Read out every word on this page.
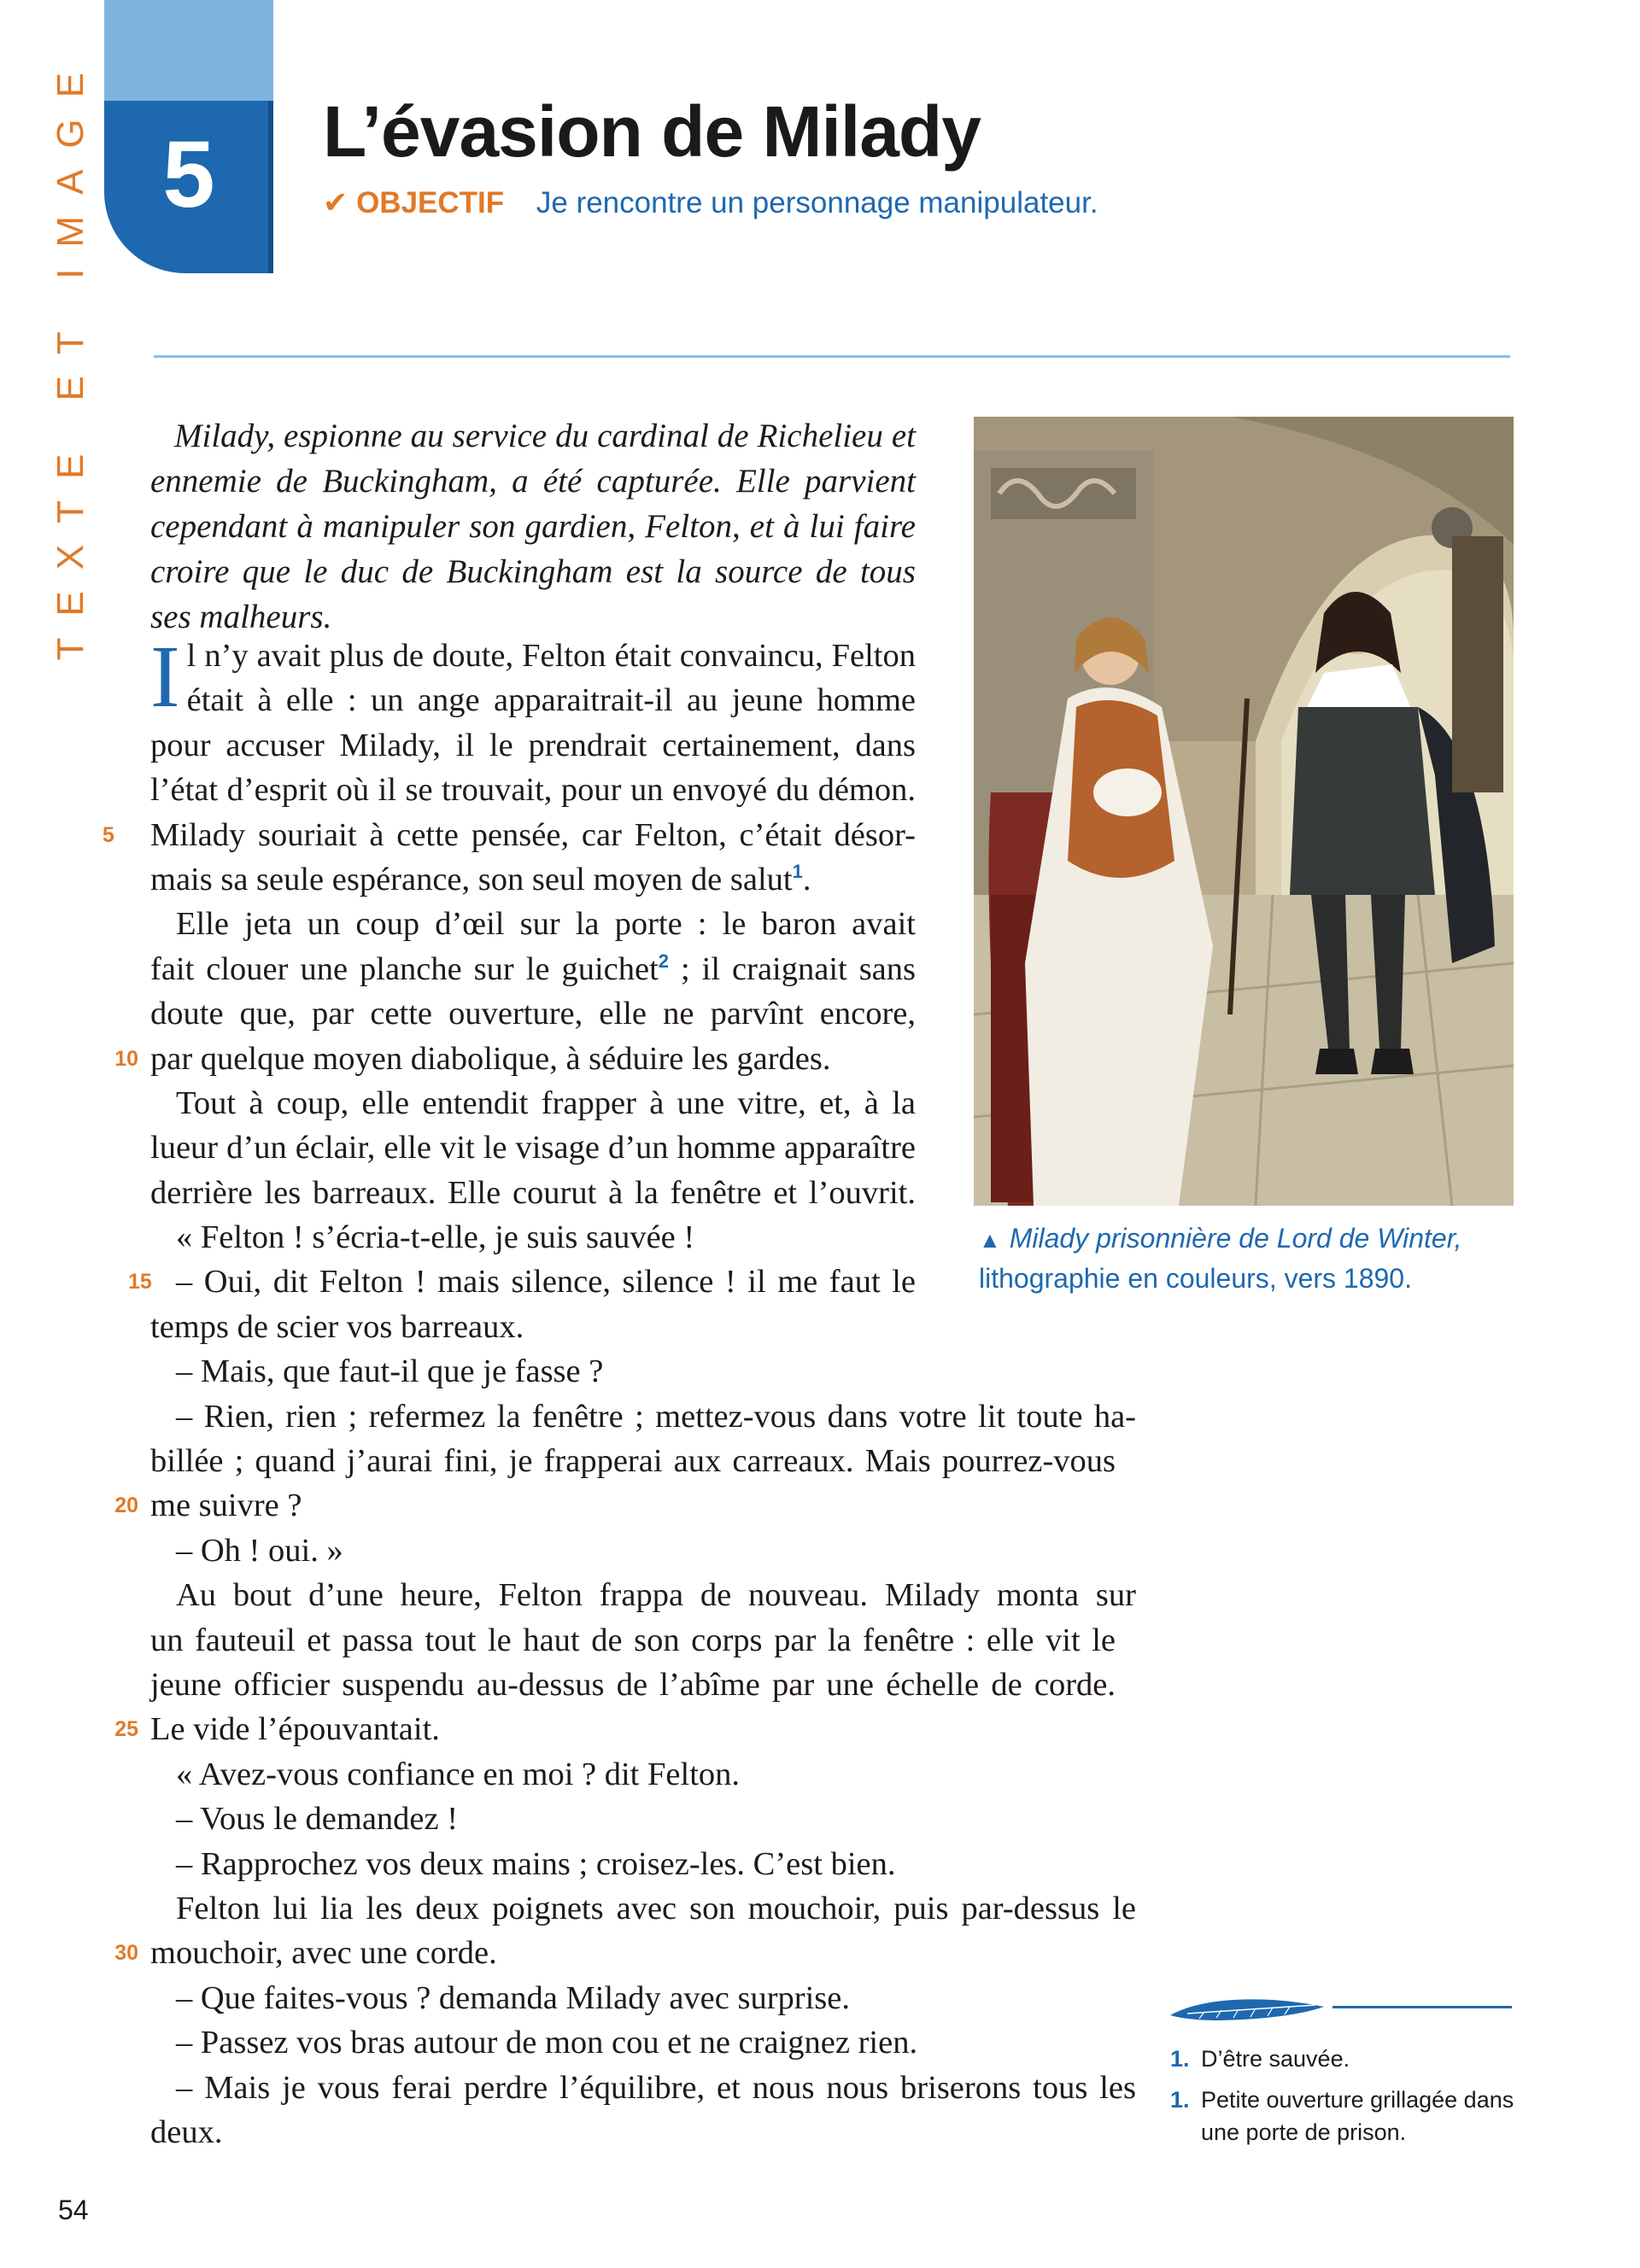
TEXTE ET IMAGE 5	L’évasion de Milady
✔ OBJECTIF Je rencontre un personnage manipulateur.

Milady, espionne au service du cardinal de Richelieu et ennemie de Buckingham, a été capturée. Elle parvient cependant à manipuler son gardien, Felton, et à lui faire croire que le duc de Buckingham est la source de tous ses malheurs.

Il n’y avait plus de doute, Felton était convaincu, Felton
était à elle : un ange apparaitrait-il au jeune homme
pour accuser Milady, il le prendrait certainement, dans
l’état d’esprit où il se trouvait, pour un envoyé du démon.
5	Milady souriait à cette pensée, car Felton, c’était désor-
mais sa seule espérance, son seul moyen de salut$^1$.
Elle jeta un coup d’œil sur la porte : le baron avait
fait clouer une planche sur le guichet$^2$ ; il craignait sans
doute que, par cette ouverture, elle ne parvînt encore,
10 par quelque moyen diabolique, à séduire les gardes.
Tout à coup, elle entendit frapper à une vitre, et, à la
lueur d’un éclair, elle vit le visage d’un homme apparaître
derrière les barreaux. Elle courut à la fenêtre et l’ouvrit.
« Felton ! s’écria-t-elle, je suis sauvée !
15 – Oui, dit Felton ! mais silence, silence ! il me faut le
temps de scier vos barreaux.
– Mais, que faut-il que je fasse ?
– Rien, rien ; refermez la fenêtre ; mettez-vous dans votre lit toute ha-
billée ; quand j’aurai fini, je frapperai aux carreaux. Mais pourrez-vous
20 me suivre ?
– Oh ! oui. »
Au bout d’une heure, Felton frappa de nouveau. Milady monta sur
un fauteuil et passa tout le haut de son corps par la fenêtre : elle vit le
jeune officier suspendu au-dessus de l’abîme par une échelle de corde.
25 Le vide l’épouvantait.
« Avez-vous confiance en moi ? dit Felton.
– Vous le demandez !
– Rapprochez vos deux mains ; croisez-les. C’est bien.
Felton lui lia les deux poignets avec son mouchoir, puis par-dessus le
30 mouchoir, avec une corde.
– Que faites-vous ? demanda Milady avec surprise.
– Passez vos bras autour de mon cou et ne craignez rien.
– Mais je vous ferai perdre l’équilibre, et nous nous briserons tous les
deux.
▲ Milady prisonnière de Lord de Winter,
lithographie en couleurs, vers 1890.
1. D’être sauvée.
1. Petite ouverture grillagée dans une porte de prison.
54
